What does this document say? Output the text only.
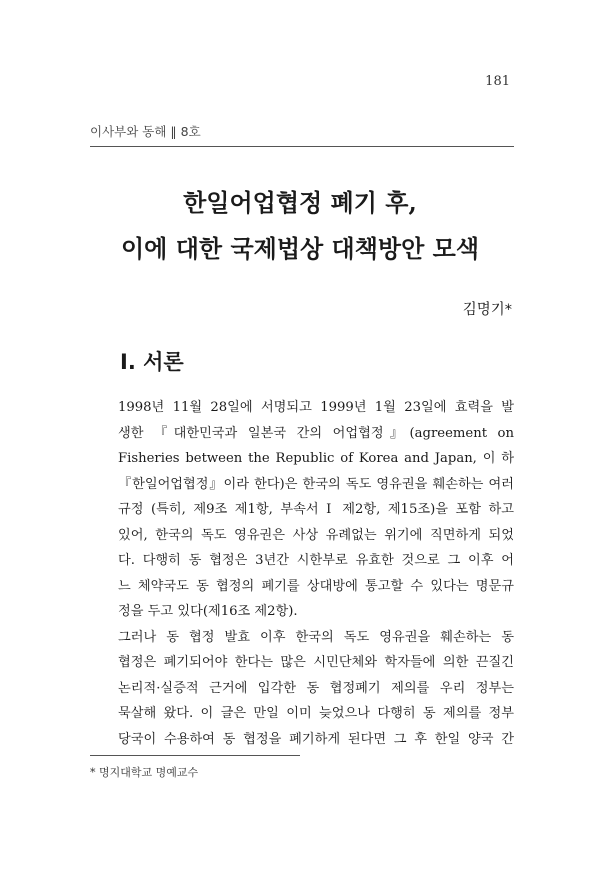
181
이사부와 동해 ‖ 8호
한일어업협정 폐기 후,
이에 대한 국제법상 대책방안 모색
김명기*
Ⅰ. 서론

1998년 11월 28일에 서명되고 1999년 1월 23일에 효력을 발
생한 『대한민국과 일본국 간의 어업협정』(agreement on
Fisheries between the Republic of Korea and Japan, 이 하
『한일어업협정』이라 한다)은 한국의 독도 영유권을 훼손하는 여러
규정 (특히, 제9조 제1항, 부속서 Ⅰ 제2항, 제15조)을 포함 하고
있어, 한국의 독도 영유권은 사상 유례없는 위기에 직면하게 되었
다. 다행히 동 협정은 3년간 시한부로 유효한 것으로 그 이후 어
느 체약국도 동 협정의 폐기를 상대방에 통고할 수 있다는 명문규
정을 두고 있다(제16조 제2항).

그러나 동 협정 발효 이후 한국의 독도 영유권을 훼손하는 동
협정은 폐기되어야 한다는 많은 시민단체와 학자들에 의한 끈질긴
논리적·실증적 근거에 입각한 동 협정폐기 제의를 우리 정부는
묵살해 왔다. 이 글은 만일 이미 늦었으나 다행히 동 제의를 정부
당국이 수용하여 동 협정을 폐기하게 된다면 그 후 한일 양국 간

* 명지대학교 명예교수
